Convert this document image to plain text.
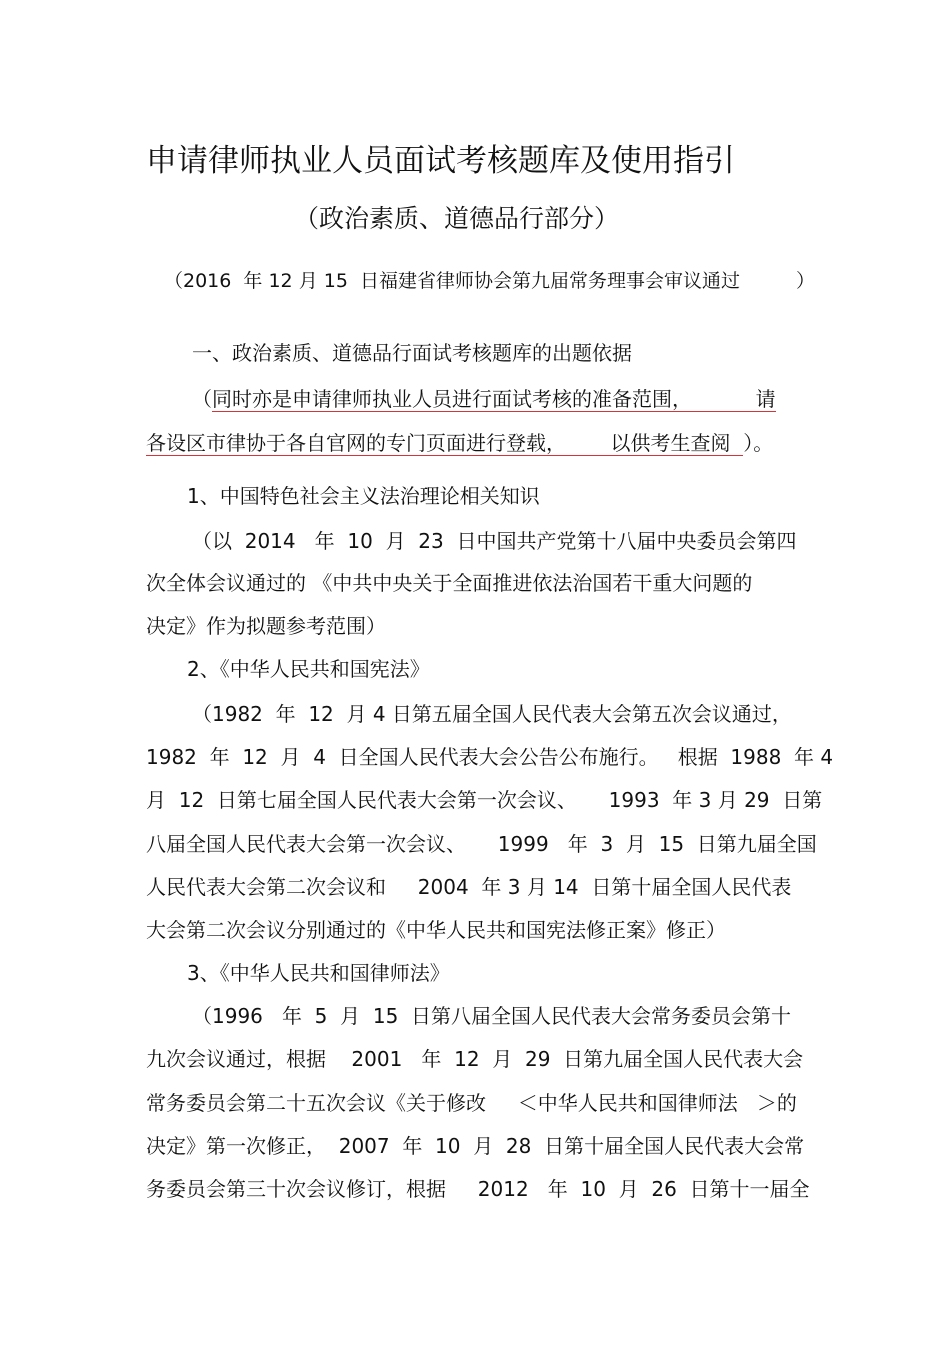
申请律师执业人员面试考核题库及使用指引
（政治素质、道德品行部分）
（2016  年 12 月 15  日福建省律师协会第九届常务理事会审议通过	）
一、政治素质、道德品行面试考核题库的出题依据
（同时亦是申请律师执业人员进行面试考核的准备范围，          请
各设区市律协于各自官网的专门页面进行登载，       以供考生查阅  ）。
1、中国特色社会主义法治理论相关知识
（以  2014   年  10  月  23  日中国共产党第十八届中央委员会第四
次全体会议通过的 《中共中央关于全面推进依法治国若干重大问题的
决定》作为拟题参考范围）
2、《中华人民共和国宪法》
（1982  年  12  月 4 日第五届全国人民代表大会第五次会议通过，
1982  年  12  月  4  日全国人民代表大会公告公布施行。   根据  1988  年 4
月  12  日第七届全国人民代表大会第一次会议、     1993  年 3 月 29  日第
八届全国人民代表大会第一次会议、     1999   年  3  月  15  日第九届全国
人民代表大会第二次会议和     2004  年 3 月 14  日第十届全国人民代表
大会第二次会议分别通过的《中华人民共和国宪法修正案》修正）
3、《中华人民共和国律师法》
（1996   年  5  月  15  日第八届全国人民代表大会常务委员会第十
九次会议通过，根据    2001   年  12  月  29  日第九届全国人民代表大会
常务委员会第二十五次会议《关于修改     ＜中华人民共和国律师法   ＞的
决定》第一次修正，  2007  年  10  月  28  日第十届全国人民代表大会常
务委员会第三十次会议修订，根据     2012   年  10  月  26  日第十一届全
